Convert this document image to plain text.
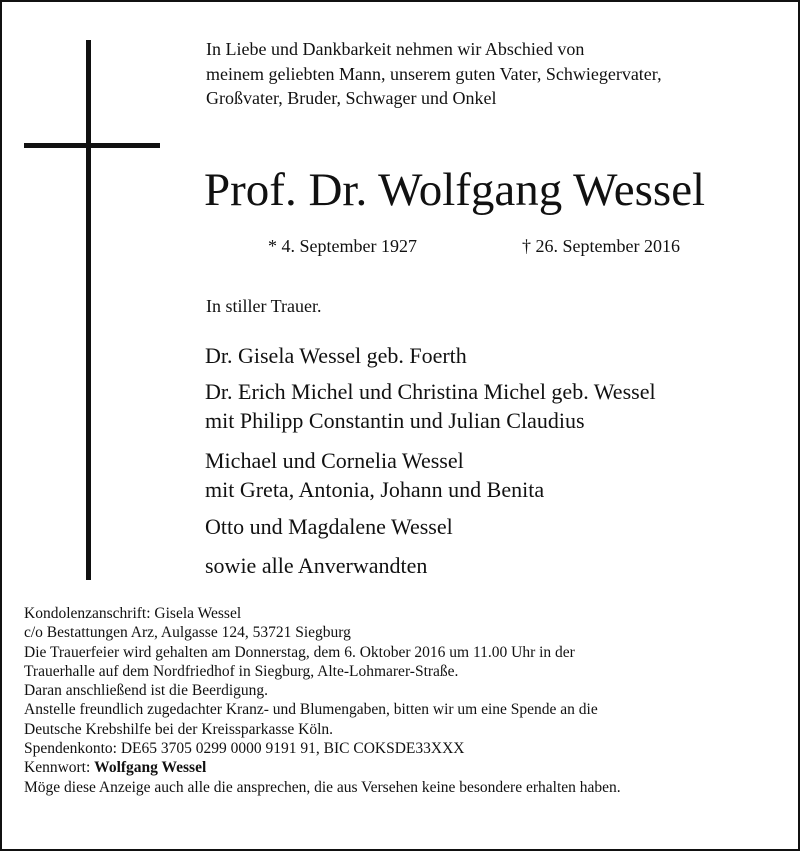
In Liebe und Dankbarkeit nehmen wir Abschied von
meinem geliebten Mann, unserem guten Vater, Schwiegervater,
Großvater, Bruder, Schwager und Onkel
Prof. Dr. Wolfgang Wessel
* 4. September 1927	† 26. September 2016
In stiller Trauer.
Dr. Gisela Wessel geb. Foerth
Dr. Erich Michel und Christina Michel geb. Wessel
mit Philipp Constantin und Julian Claudius
Michael und Cornelia Wessel
mit Greta, Antonia, Johann und Benita
Otto und Magdalene Wessel
sowie alle Anverwandten
Kondolenzanschrift: Gisela Wessel
c/o Bestattungen Arz, Aulgasse 124, 53721 Siegburg
Die Trauerfeier wird gehalten am Donnerstag, dem 6. Oktober 2016 um 11.00 Uhr in der
Trauerhalle auf dem Nordfriedhof in Siegburg, Alte-Lohmarer-Straße.
Daran anschließend ist die Beerdigung.
Anstelle freundlich zugedachter Kranz- und Blumengaben, bitten wir um eine Spende an die
Deutsche Krebshilfe bei der Kreissparkasse Köln.
Spendenkonto: DE65 3705 0299 0000 9191 91, BIC COKSDE33XXX
Kennwort: Wolfgang Wessel
Möge diese Anzeige auch alle die ansprechen, die aus Versehen keine besondere erhalten haben.
